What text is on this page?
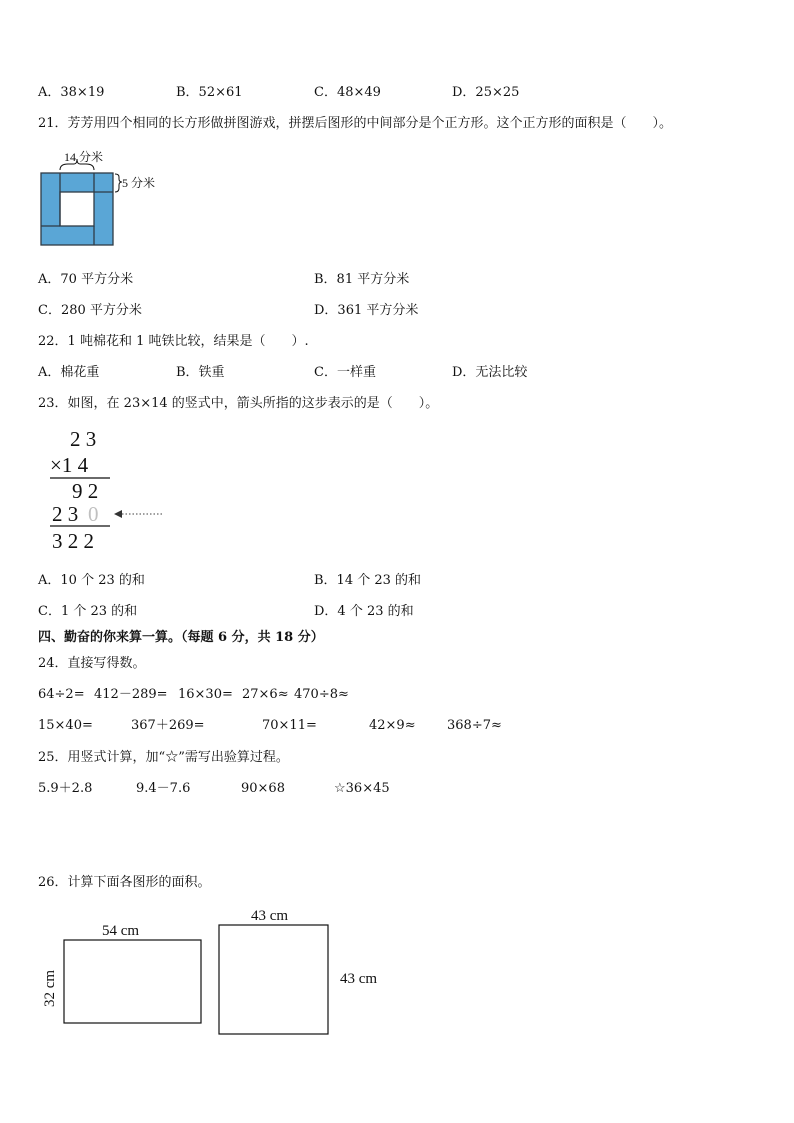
A．38×19	B．52×61	C．48×49	D．25×25
21．芳芳用四个相同的长方形做拼图游戏，拼摆后图形的中间部分是个正方形。这个正方形的面积是（　　）。
14 分米
5 分米
A．70 平方分米	B．81 平方分米
C．280 平方分米	D．361 平方分米
22．1 吨棉花和 1 吨铁比较，结果是（　　）.
A．棉花重	B．铁重	C．一样重	D．无法比较
23．如图，在 23×14 的竖式中，箭头所指的这步表示的是（　　）。
2 3
×1 4
9 2
2 3 0
3 2 2
A．10 个 23 的和	B．14 个 23 的和
C．1 个 23 的和	D．4 个 23 的和
四、勤奋的你来算一算。（每题 6 分，共 18 分）
24．直接写得数。
64÷2= 412－289= 16×30= 27×6≈ 470÷8≈
15×40=	367＋269=	70×11=	42×9≈ 368÷7≈
25．用竖式计算，加“☆”需写出验算过程。
5.9＋2.8	9.4－7.6	90×68	☆36×45
26．计算下面各图形的面积。
54 cm
32 cm
43 cm
43 cm
